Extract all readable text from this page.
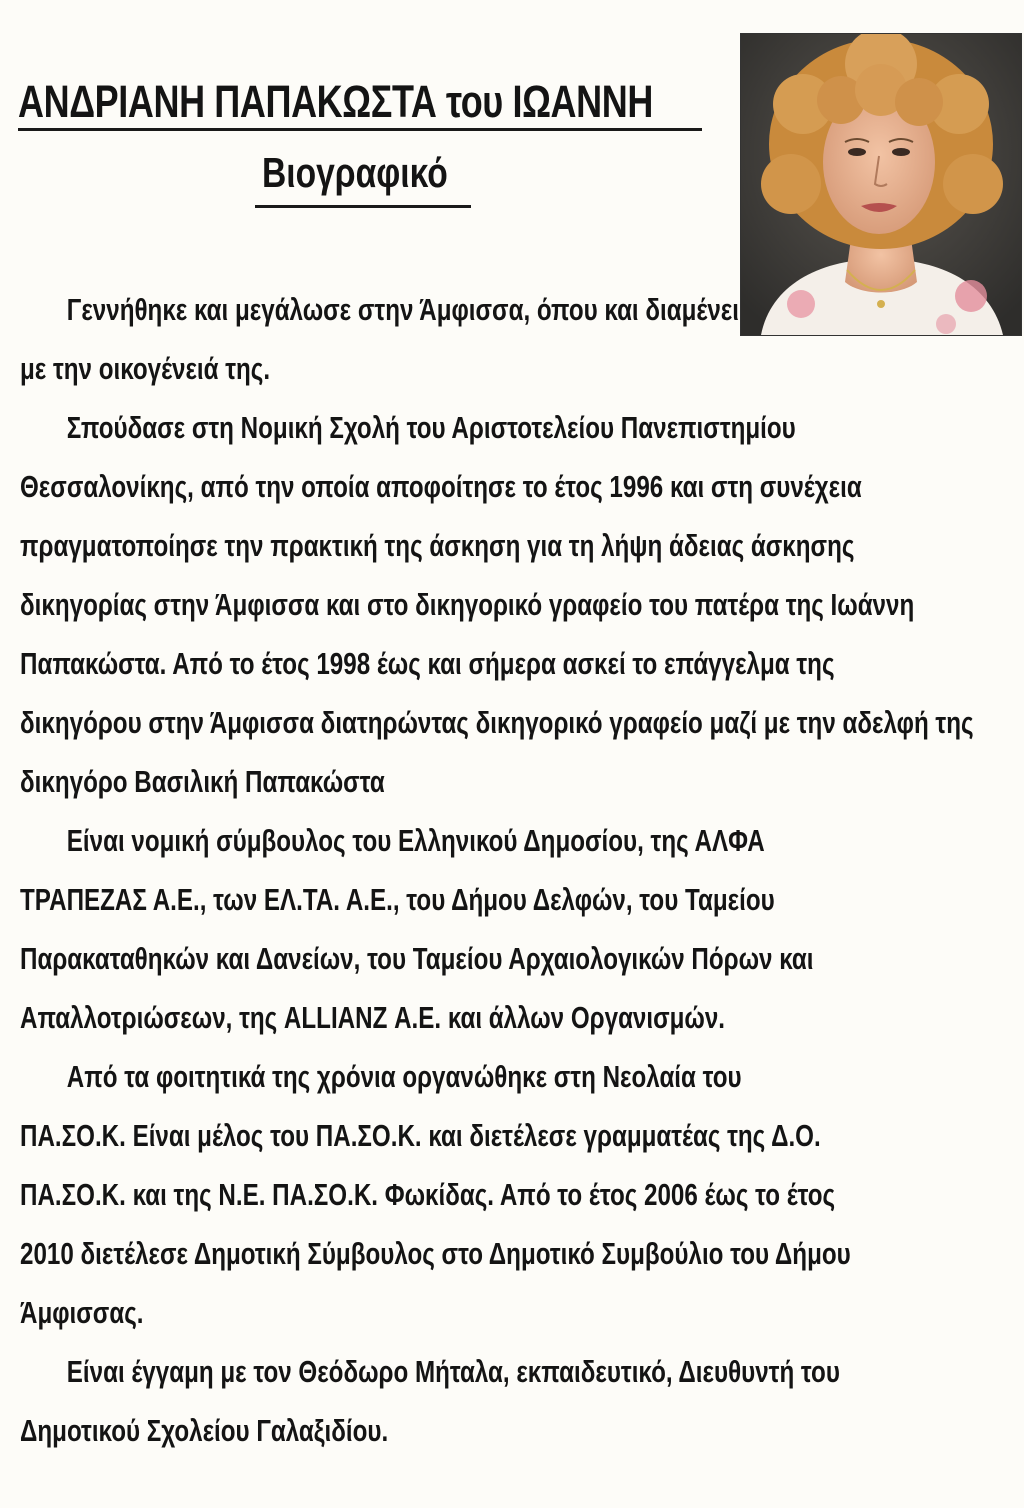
ΑΝΔΡΙΑΝΗ ΠΑΠΑΚΩΣΤΑ του ΙΩΑΝΝΗ
Βιογραφικό
Γεννήθηκε και μεγάλωσε στην Άμφισσα, όπου και διαμένει
με την οικογένειά της.
Σπούδασε στη Νομική Σχολή του Αριστοτελείου Πανεπιστημίου
Θεσσαλονίκης, από την οποία αποφοίτησε το έτος 1996 και στη συνέχεια
πραγματοποίησε την πρακτική της άσκηση για τη λήψη άδειας άσκησης
δικηγορίας στην Άμφισσα και στο δικηγορικό γραφείο του πατέρα της Ιωάννη
Παπακώστα. Από το έτος 1998 έως και σήμερα ασκεί το επάγγελμα της
δικηγόρου στην Άμφισσα διατηρώντας δικηγορικό γραφείο μαζί με την αδελφή της
δικηγόρο Βασιλική Παπακώστα
Είναι νομική σύμβουλος του Ελληνικού Δημοσίου, της ΑΛΦΑ
ΤΡΑΠΕΖΑΣ Α.Ε., των ΕΛ.ΤΑ. Α.Ε., του Δήμου Δελφών, του Ταμείου
Παρακαταθηκών και Δανείων, του Ταμείου Αρχαιολογικών Πόρων και
Απαλλοτριώσεων, της ALLIANZ Α.Ε. και άλλων Οργανισμών.
Από τα φοιτητικά της χρόνια οργανώθηκε στη Νεολαία του
ΠΑ.ΣΟ.Κ. Είναι μέλος του ΠΑ.ΣΟ.Κ. και διετέλεσε γραμματέας της Δ.Ο.
ΠΑ.ΣΟ.Κ. και της Ν.Ε. ΠΑ.ΣΟ.Κ. Φωκίδας. Από το έτος 2006 έως το έτος
2010 διετέλεσε Δημοτική Σύμβουλος στο Δημοτικό Συμβούλιο του Δήμου
Άμφισσας.
Είναι έγγαμη με τον Θεόδωρο Μήταλα, εκπαιδευτικό, Διευθυντή του
Δημοτικού Σχολείου Γαλαξιδίου.
